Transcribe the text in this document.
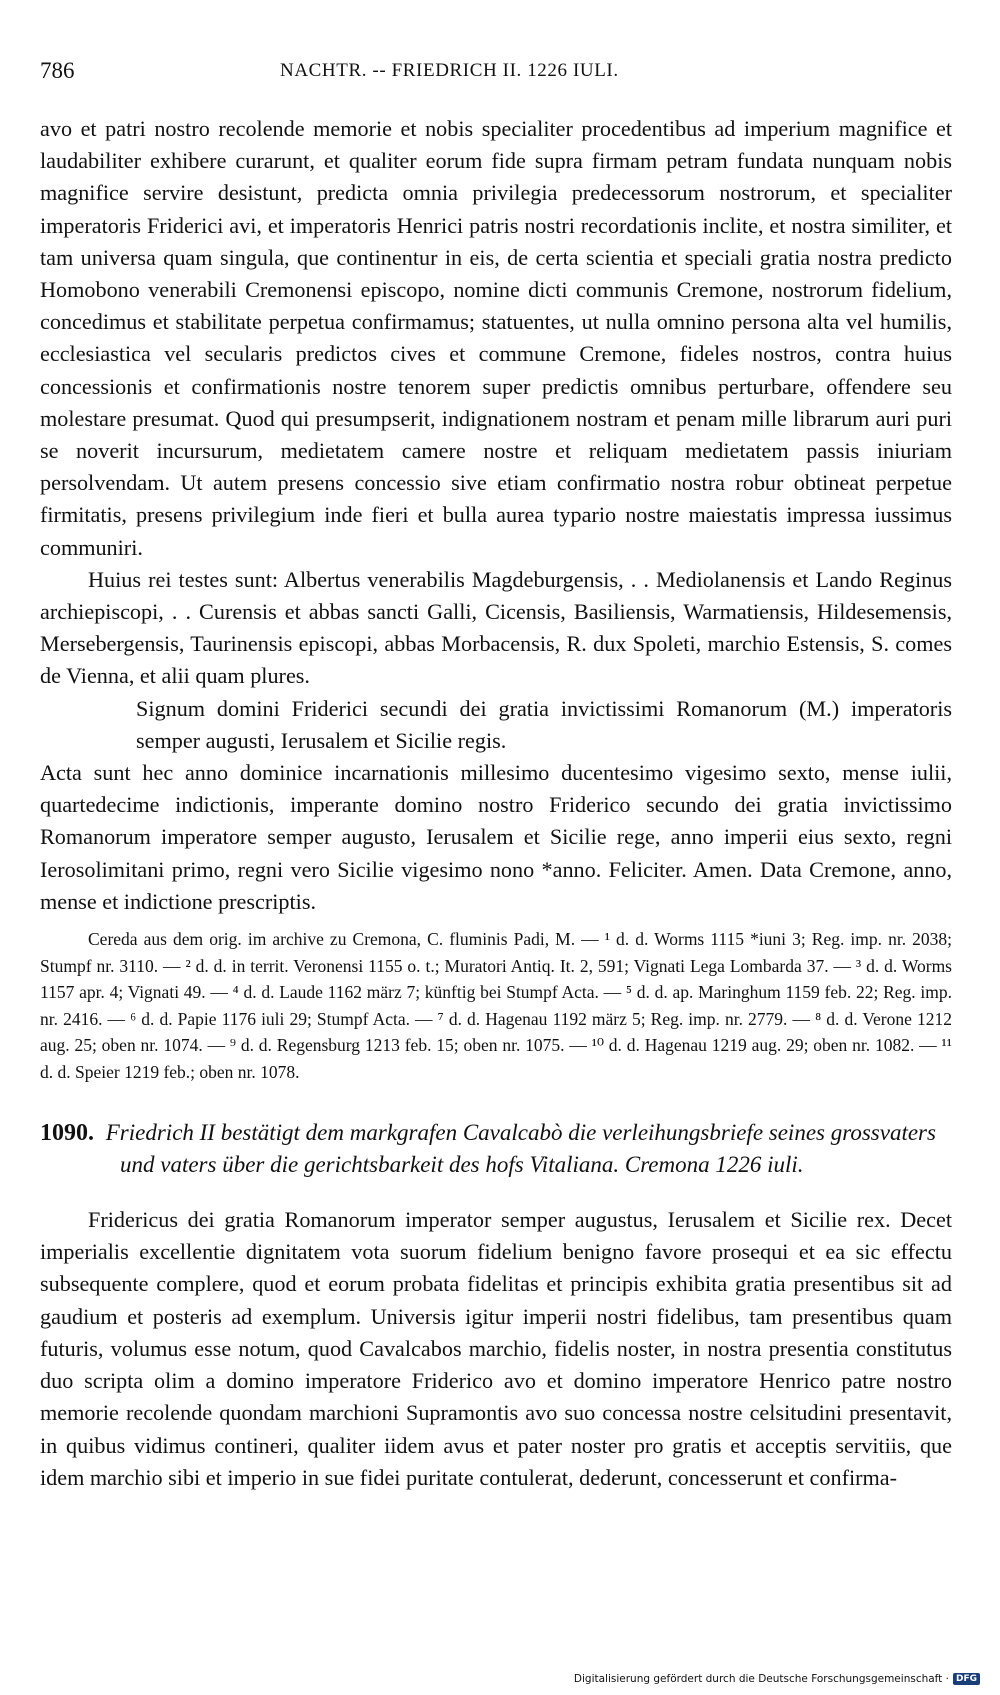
786	NACHTR. -- FRIEDRICH II. 1226 IULI.

avo et patri nostro recolende memorie et nobis specialiter procedentibus ad imperium magnifice et laudabiliter exhibere curarunt, et qualiter eorum fide supra firmam petram fundata nunquam nobis magnifice servire desistunt, predicta omnia privilegia predecessorum nostrorum, et specialiter imperatoris Friderici avi, et imperatoris Henrici patris nostri recordationis inclite, et nostra similiter, et tam universa quam singula, que continentur in eis, de certa scientia et speciali gratia nostra predicto Homobono venerabili Cremonensi episcopo, nomine dicti communis Cremone, nostrorum fidelium, concedimus et stabilitate perpetua confirmamus; statuentes, ut nulla omnino persona alta vel humilis, ecclesiastica vel secularis predictos cives et commune Cremone, fideles nostros, contra huius concessionis et confirmationis nostre tenorem super predictis omnibus perturbare, offendere seu molestare presumat. Quod qui presumpserit, indignationem nostram et penam mille librarum auri puri se noverit incursurum, medietatem camere nostre et reliquam medietatem passis iniuriam persolvendam. Ut autem presens concessio sive etiam confirmatio nostra robur obtineat perpetue firmitatis, presens privilegium inde fieri et bulla aurea typario nostre maiestatis impressa iussimus communiri.

Huius rei testes sunt: Albertus venerabilis Magdeburgensis, . . Mediolanensis et Lando Reginus archiepiscopi, . . Curensis et abbas sancti Galli, Cicensis, Basiliensis, Warmatiensis, Hildesemensis, Mersebergensis, Taurinensis episcopi, abbas Morbacensis, R. dux Spoleti, marchio Estensis, S. comes de Vienna, et alii quam plures.

Signum domini Friderici secundi dei gratia invictissimi Romanorum (M.) imperatoris semper augusti, Ierusalem et Sicilie regis.

Acta sunt hec anno dominice incarnationis millesimo ducentesimo vigesimo sexto, mense iulii, quartedecime indictionis, imperante domino nostro Friderico secundo dei gratia invictissimo Romanorum imperatore semper augusto, Ierusalem et Sicilie rege, anno imperii eius sexto, regni Ierosolimitani primo, regni vero Sicilie vigesimo nono *anno. Feliciter. Amen. Data Cremone, anno, mense et indictione prescriptis.

Cereda aus dem orig. im archive zu Cremona, C. fluminis Padi, M. — ¹ d. d. Worms 1115 *iuni 3; Reg. imp. nr. 2038; Stumpf nr. 3110. — ² d. d. in territ. Veronensi 1155 o. t.; Muratori Antiq. It. 2, 591; Vignati Lega Lombarda 37. — ³ d. d. Worms 1157 apr. 4; Vignati 49. — ⁴ d. d. Laude 1162 märz 7; künftig bei Stumpf Acta. — ⁵ d. d. ap. Maringhum 1159 feb. 22; Reg. imp. nr. 2416. — ⁶ d. d. Papie 1176 iuli 29; Stumpf Acta. — ⁷ d. d. Hagenau 1192 märz 5; Reg. imp. nr. 2779. — ⁸ d. d. Verone 1212 aug. 25; oben nr. 1074. — ⁹ d. d. Regensburg 1213 feb. 15; oben nr. 1075. — ¹⁰ d. d. Hagenau 1219 aug. 29; oben nr. 1082. — ¹¹ d. d. Speier 1219 feb.; oben nr. 1078.

1090. Friedrich II bestätigt dem markgrafen Cavalcabò die verleihungsbriefe seines grossvaters und vaters über die gerichtsbarkeit des hofs Vitaliana. Cremona 1226 iuli.

Fridericus dei gratia Romanorum imperator semper augustus, Ierusalem et Sicilie rex. Decet imperialis excellentie dignitatem vota suorum fidelium benigno favore prosequi et ea sic effectu subsequente complere, quod et eorum probata fidelitas et principis exhibita gratia presentibus sit ad gaudium et posteris ad exemplum. Universis igitur imperii nostri fidelibus, tam presentibus quam futuris, volumus esse notum, quod Cavalcabos marchio, fidelis noster, in nostra presentia constitutus duo scripta olim a domino imperatore Friderico avo et domino imperatore Henrico patre nostro memorie recolende quondam marchioni Supramontis avo suo concessa nostre celsitudini presentavit, in quibus vidimus contineri, qualiter iidem avus et pater noster pro gratis et acceptis servitiis, que idem marchio sibi et imperio in sue fidei puritate contulerat, dederunt, concesserunt et confirma-

Digitalisierung gefördert durch die Deutsche Forschungsgemeinschaft · DFG
